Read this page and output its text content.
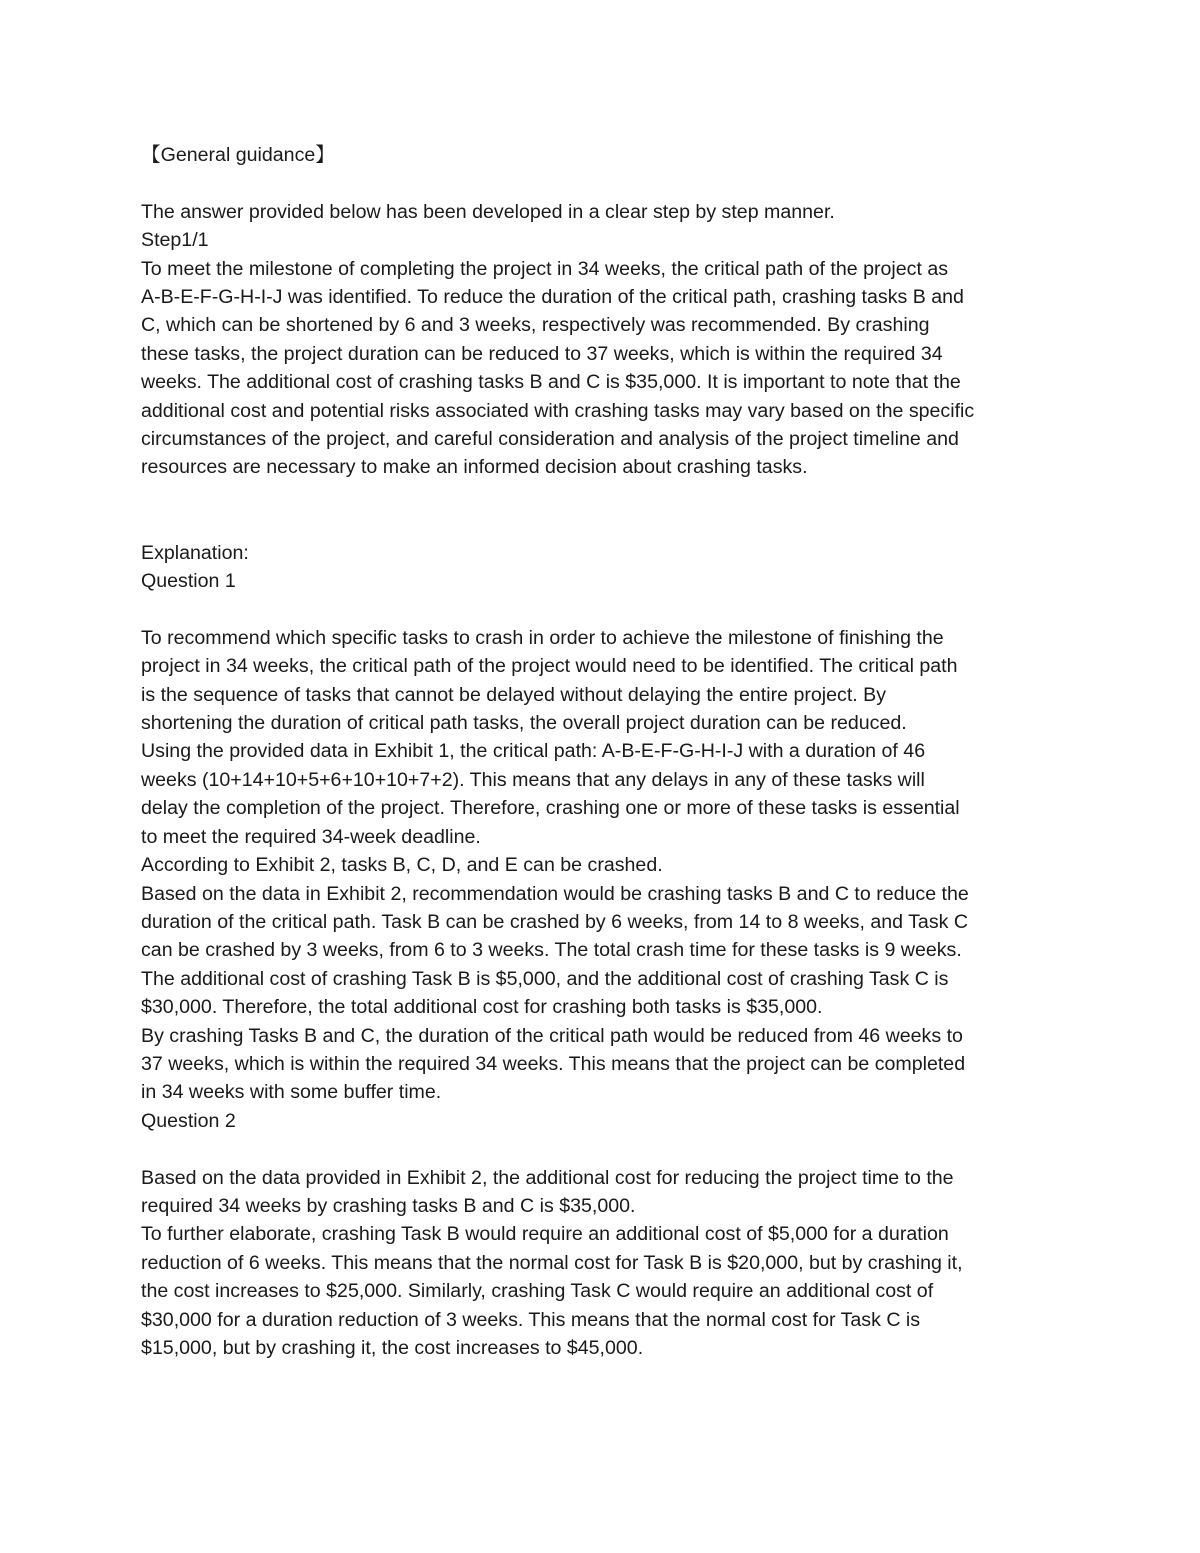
【General guidance】
The answer provided below has been developed in a clear step by step manner.
Step1/1
To meet the milestone of completing the project in 34 weeks, the critical path of the project as
A-B-E-F-G-H-I-J was identified. To reduce the duration of the critical path, crashing tasks B and
C, which can be shortened by 6 and 3 weeks, respectively was recommended. By crashing
these tasks, the project duration can be reduced to 37 weeks, which is within the required 34
weeks. The additional cost of crashing tasks B and C is $35,000. It is important to note that the
additional cost and potential risks associated with crashing tasks may vary based on the specific
circumstances of the project, and careful consideration and analysis of the project timeline and
resources are necessary to make an informed decision about crashing tasks.
Explanation:
Question 1
To recommend which specific tasks to crash in order to achieve the milestone of finishing the
project in 34 weeks, the critical path of the project would need to be identified. The critical path
is the sequence of tasks that cannot be delayed without delaying the entire project. By
shortening the duration of critical path tasks, the overall project duration can be reduced.
Using the provided data in Exhibit 1, the critical path: A-B-E-F-G-H-I-J with a duration of 46
weeks (10+14+10+5+6+10+10+7+2). This means that any delays in any of these tasks will
delay the completion of the project. Therefore, crashing one or more of these tasks is essential
to meet the required 34-week deadline.
According to Exhibit 2, tasks B, C, D, and E can be crashed.
Based on the data in Exhibit 2, recommendation would be crashing tasks B and C to reduce the
duration of the critical path. Task B can be crashed by 6 weeks, from 14 to 8 weeks, and Task C
can be crashed by 3 weeks, from 6 to 3 weeks. The total crash time for these tasks is 9 weeks.
The additional cost of crashing Task B is $5,000, and the additional cost of crashing Task C is
$30,000. Therefore, the total additional cost for crashing both tasks is $35,000.
By crashing Tasks B and C, the duration of the critical path would be reduced from 46 weeks to
37 weeks, which is within the required 34 weeks. This means that the project can be completed
in 34 weeks with some buffer time.
Question 2
Based on the data provided in Exhibit 2, the additional cost for reducing the project time to the
required 34 weeks by crashing tasks B and C is $35,000.
To further elaborate, crashing Task B would require an additional cost of $5,000 for a duration
reduction of 6 weeks. This means that the normal cost for Task B is $20,000, but by crashing it,
the cost increases to $25,000. Similarly, crashing Task C would require an additional cost of
$30,000 for a duration reduction of 3 weeks. This means that the normal cost for Task C is
$15,000, but by crashing it, the cost increases to $45,000.
